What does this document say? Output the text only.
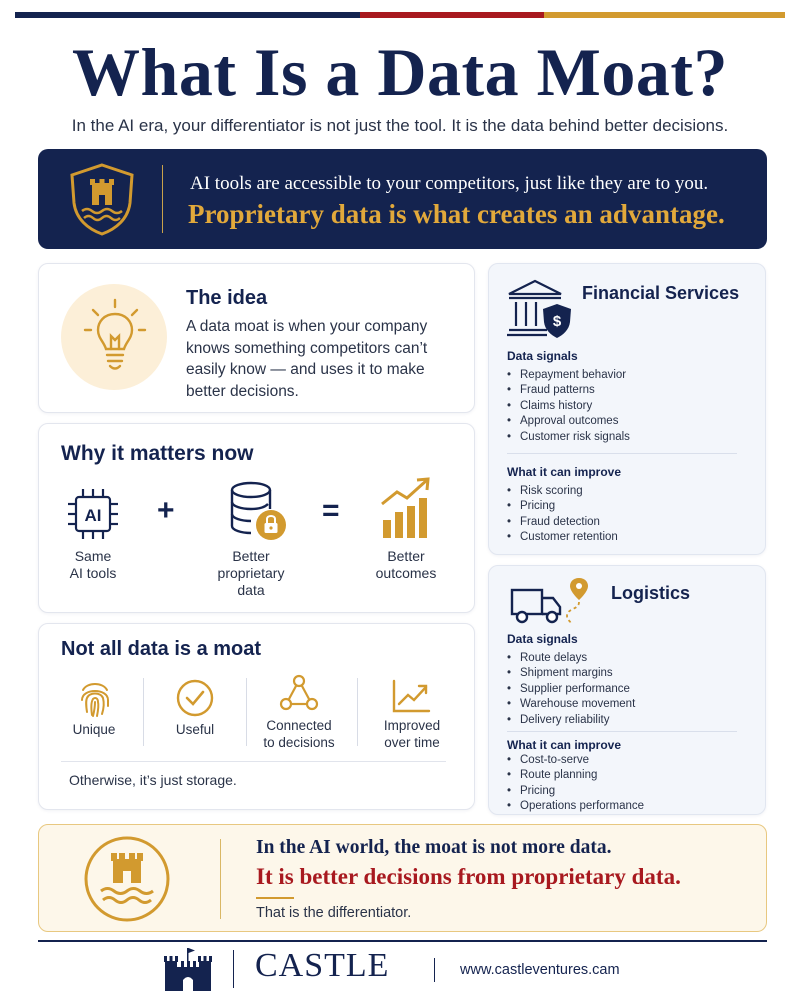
What Is a Data Moat?
In the AI era, your differentiator is not just the tool. It is the data behind better decisions.
AI tools are accessible to your competitors, just like they are to you.
Proprietary data is what creates an advantage.
The idea

A data moat is when your company knows something competitors can’t easily know — and uses it to make better decisions.

Why it matters now
AI
Same
AI tools
+
Better
proprietary
data
=
Better
outcomes
Not all data is a moat
Unique	Useful	Connected
to decisions
Improved
over time
Otherwise, it’s just storage.
$
Financial Services
Data signals
• Repayment behavior
• Fraud patterns
• Claims history
• Approval outcomes
• Customer risk signals
What it can improve
• Risk scoring
• Pricing
• Fraud detection
• Customer retention
Logistics
Data signals
• Route delays
• Shipment margins
• Supplier performance
• Warehouse movement
• Delivery reliability
What it can improve
• Cost-to-serve
• Route planning
• Pricing
• Operations performance
In the AI world, the moat is not more data.
It is better decisions from proprietary data.
That is the differentiator.
CASTLE	www.castleventures.cam
